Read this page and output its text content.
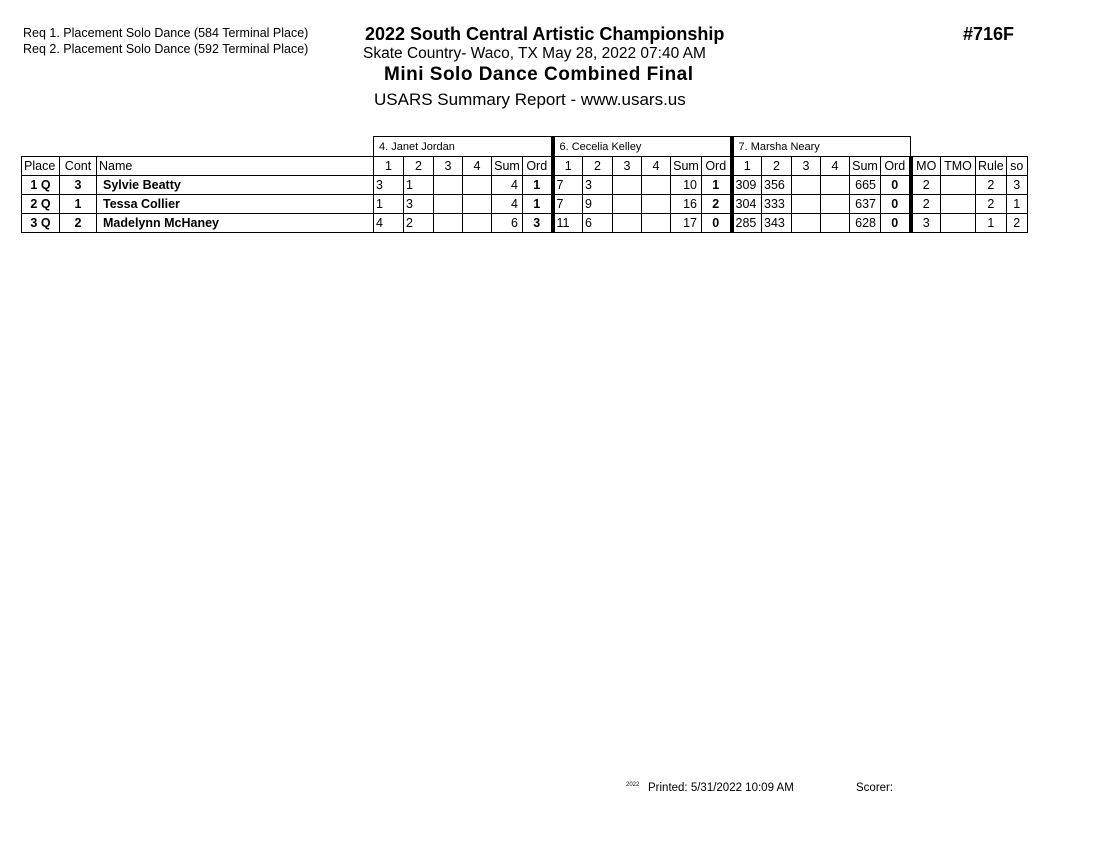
Req 1. Placement Solo Dance (584 Terminal Place)
Req 2. Placement Solo Dance (592 Terminal Place)
2022 South Central Artistic Championship
Skate Country- Waco, TX May 28, 2022 07:40 AM
Mini Solo Dance Combined Final
USARS Summary Report - www.usars.us
#716F
			4. Janet Jordan						6. Cecelia Kelley						7. Marsha Neary									
Place	Cont	Name	1	2	3	4	Sum	Ord	1	2	3	4	Sum	Ord	1	2	3	4	Sum	Ord	MO	TMO	Rule	so
1 Q	3	Sylvie Beatty	3	1			4	1	7	3			10	1	309	356			665	0	2		2	3
2 Q	1	Tessa Collier	1	3			4	1	7	9			16	2	304	333			637	0	2		2	1
3 Q	2	Madelynn McHaney	4	2			6	3	11	6			17	0	285	343			628	0	3		1	2
2022 Printed: 5/31/2022 10:09 AM	Scorer:
